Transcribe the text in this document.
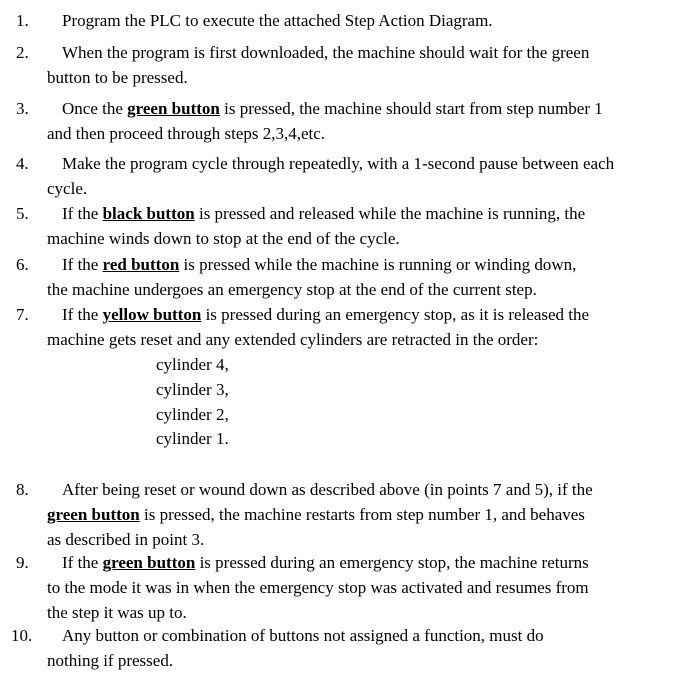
1. Program the PLC to execute the attached Step Action Diagram.
2. When the program is first downloaded, the machine should wait for the green
button to be pressed.
3. Once the green button is pressed, the machine should start from step number 1
and then proceed through steps 2,3,4,etc.
4. Make the program cycle through repeatedly, with a 1-second pause between each
cycle.
5. If the black button is pressed and released while the machine is running, the
machine winds down to stop at the end of the cycle.
6. If the red button is pressed while the machine is running or winding down,
the machine undergoes an emergency stop at the end of the current step.
7. If the yellow button is pressed during an emergency stop, as it is released the
machine gets reset and any extended cylinders are retracted in the order:
cylinder 4,
cylinder 3,
cylinder 2,
cylinder 1.
8. After being reset or wound down as described above (in points 7 and 5), if the
green button is pressed, the machine restarts from step number 1, and behaves
as described in point 3.
9. If the green button is pressed during an emergency stop, the machine returns
to the mode it was in when the emergency stop was activated and resumes from
the step it was up to.
10. Any button or combination of buttons not assigned a function, must do
nothing if pressed.
